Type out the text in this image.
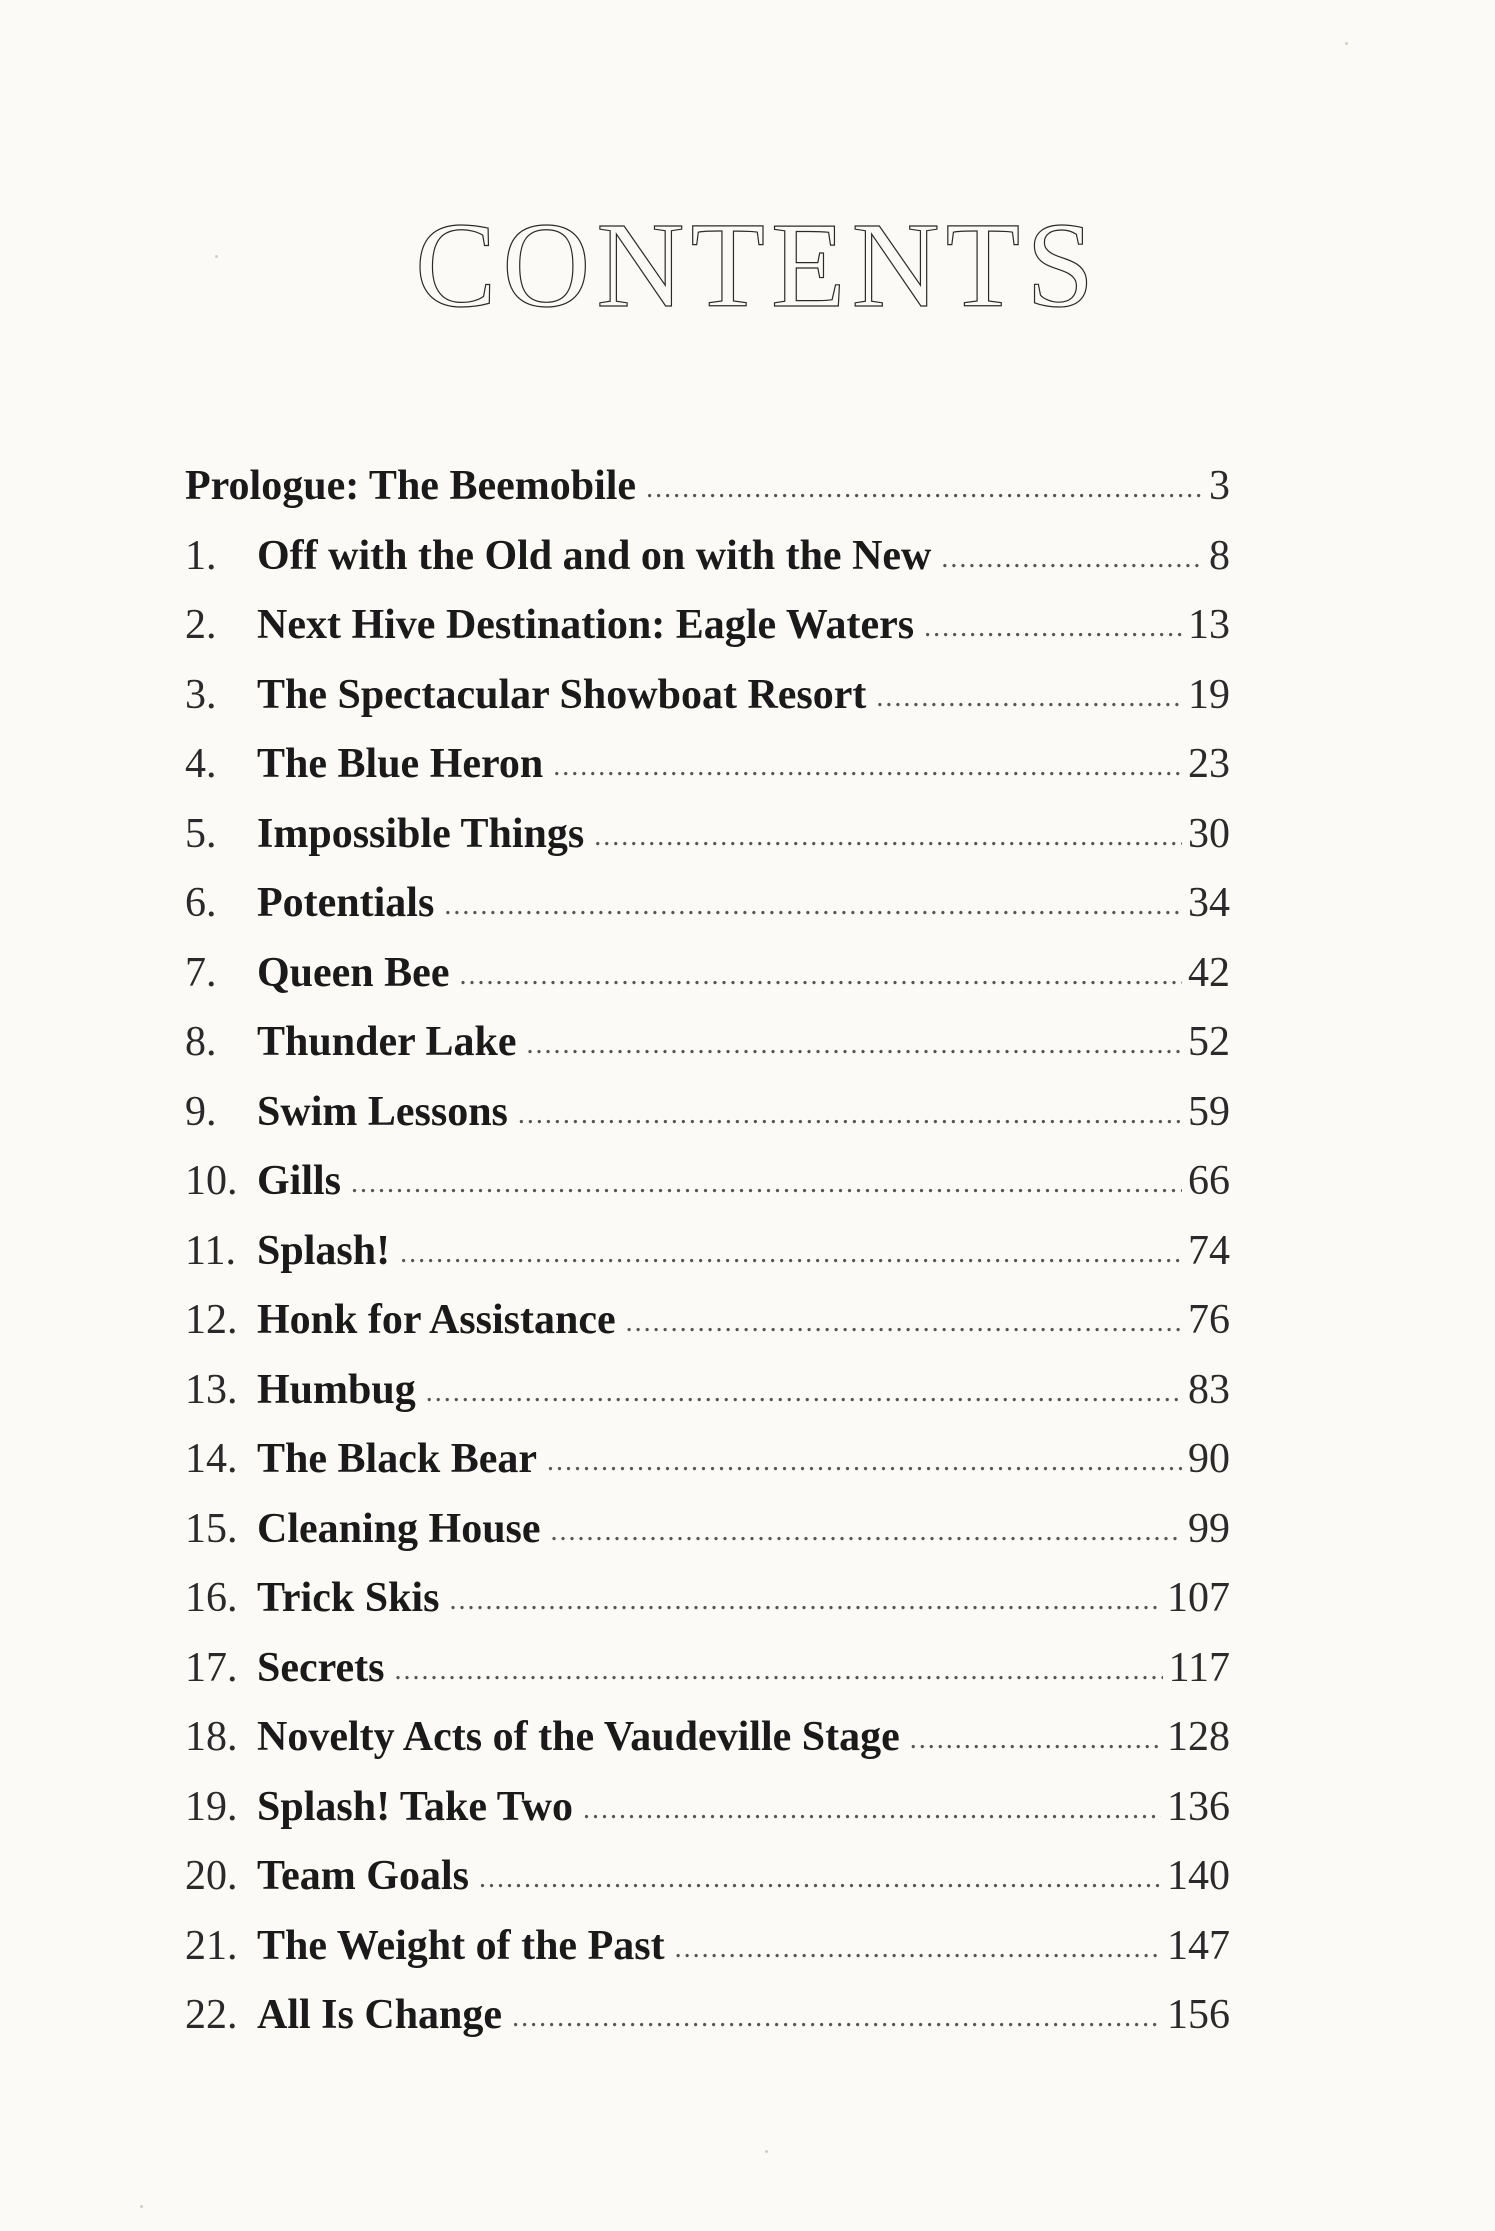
CONTENTS
Prologue: The Beemobile .....	3
1. Off with the Old and on with the New .....	8
2. Next Hive Destination: Eagle Waters .....	13
3. The Spectacular Showboat Resort .....	19
4. The Blue Heron .....	23
5. Impossible Things .....	30
6. Potentials .....	34
7. Queen Bee .....	42
8. Thunder Lake .....	52
9. Swim Lessons .....	59
10. Gills .....	66
11. Splash! .....	74
12. Honk for Assistance .....	76
13. Humbug .....	83
14. The Black Bear .....	90
15. Cleaning House .....	99
16. Trick Skis .....	107
17. Secrets .....	117
18. Novelty Acts of the Vaudeville Stage .....	128
19. Splash! Take Two .....	136
20. Team Goals .....	140
21. The Weight of the Past .....	147
22. All Is Change .....	156
